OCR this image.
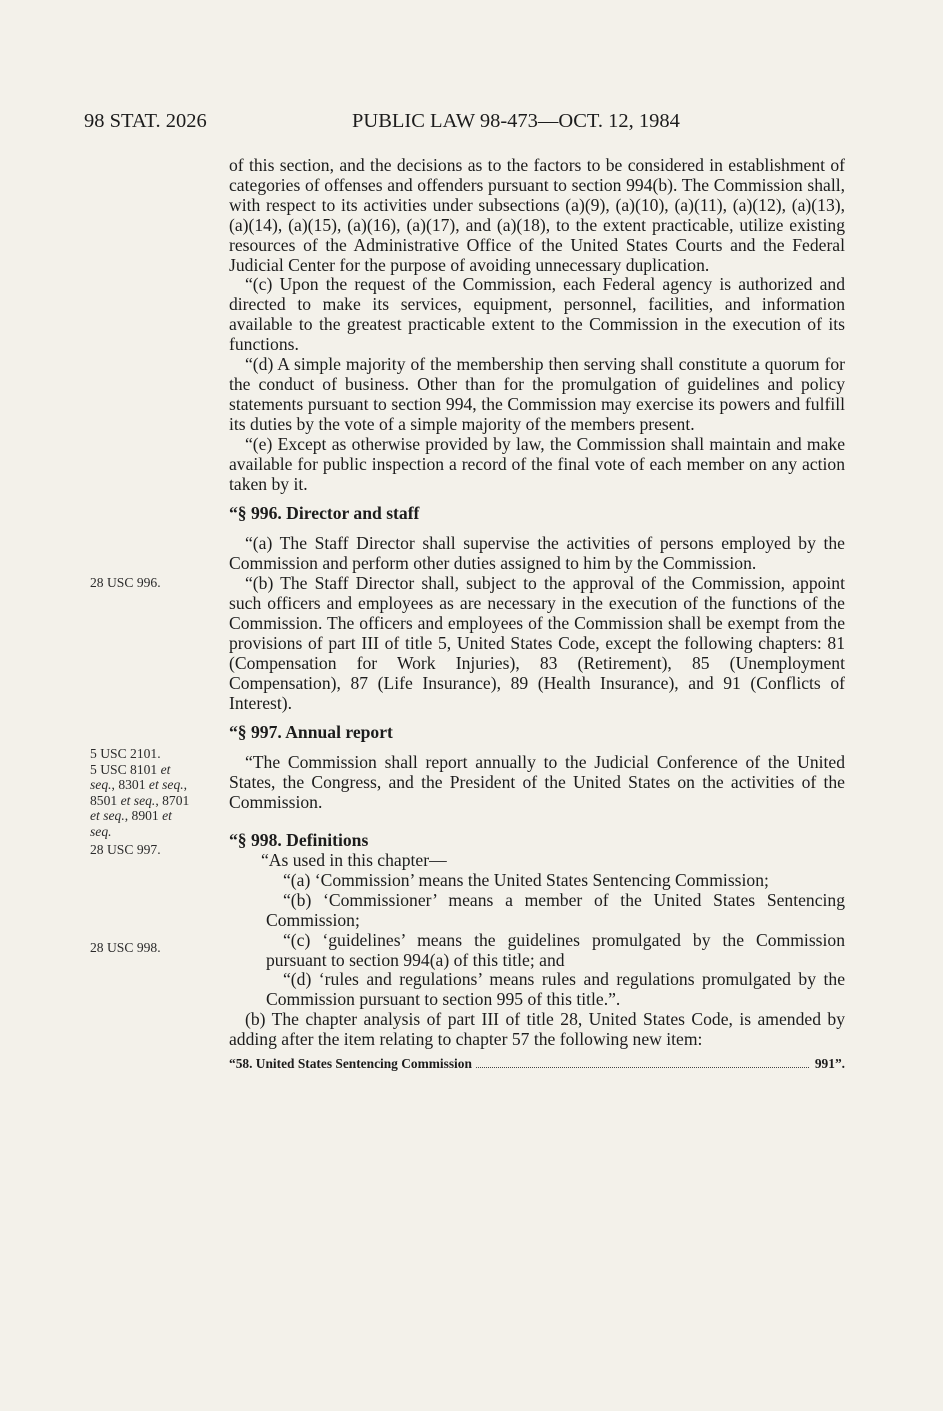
98 STAT. 2026	PUBLIC LAW 98-473—OCT. 12, 1984
28 USC 996.
5 USC 2101.
5 USC 8101 et
seq., 8301 et seq.,
8501 et seq., 8701
et seq., 8901 et
seq.
28 USC 997.
28 USC 998.

of this section, and the decisions as to the factors to be considered in establishment of categories of offenses and offenders pursuant to section 994(b). The Commission shall, with respect to its activities under subsections (a)(9), (a)(10), (a)(11), (a)(12), (a)(13), (a)(14), (a)(15), (a)(16), (a)(17), and (a)(18), to the extent practicable, utilize existing resources of the Administrative Office of the United States Courts and the Federal Judicial Center for the purpose of avoiding unnecessary duplication.

“(c) Upon the request of the Commission, each Federal agency is authorized and directed to make its services, equipment, personnel, facilities, and information available to the greatest practicable extent to the Commission in the execution of its functions.

“(d) A simple majority of the membership then serving shall constitute a quorum for the conduct of business. Other than for the promulgation of guidelines and policy statements pursuant to section 994, the Commission may exercise its powers and fulfill its duties by the vote of a simple majority of the members present.

“(e) Except as otherwise provided by law, the Commission shall maintain and make available for public inspection a record of the final vote of each member on any action taken by it.

“§ 996. Director and staff

“(a) The Staff Director shall supervise the activities of persons employed by the Commission and perform other duties assigned to him by the Commission.

“(b) The Staff Director shall, subject to the approval of the Commission, appoint such officers and employees as are necessary in the execution of the functions of the Commission. The officers and employees of the Commission shall be exempt from the provisions of part III of title 5, United States Code, except the following chapters: 81 (Compensation for Work Injuries), 83 (Retirement), 85 (Unemployment Compensation), 87 (Life Insurance), 89 (Health Insurance), and 91 (Conflicts of Interest).

“§ 997. Annual report

“The Commission shall report annually to the Judicial Conference of the United States, the Congress, and the President of the United States on the activities of the Commission.

“§ 998. Definitions

“As used in this chapter—

“(a) ‘Commission’ means the United States Sentencing Commission;

“(b) ‘Commissioner’ means a member of the United States Sentencing Commission;

“(c) ‘guidelines’ means the guidelines promulgated by the Commission pursuant to section 994(a) of this title; and

“(d) ‘rules and regulations’ means rules and regulations promulgated by the Commission pursuant to section 995 of this title.”.

(b) The chapter analysis of part III of title 28, United States Code, is amended by adding after the item relating to chapter 57 the following new item:

“58. United States Sentencing Commission	991”.
